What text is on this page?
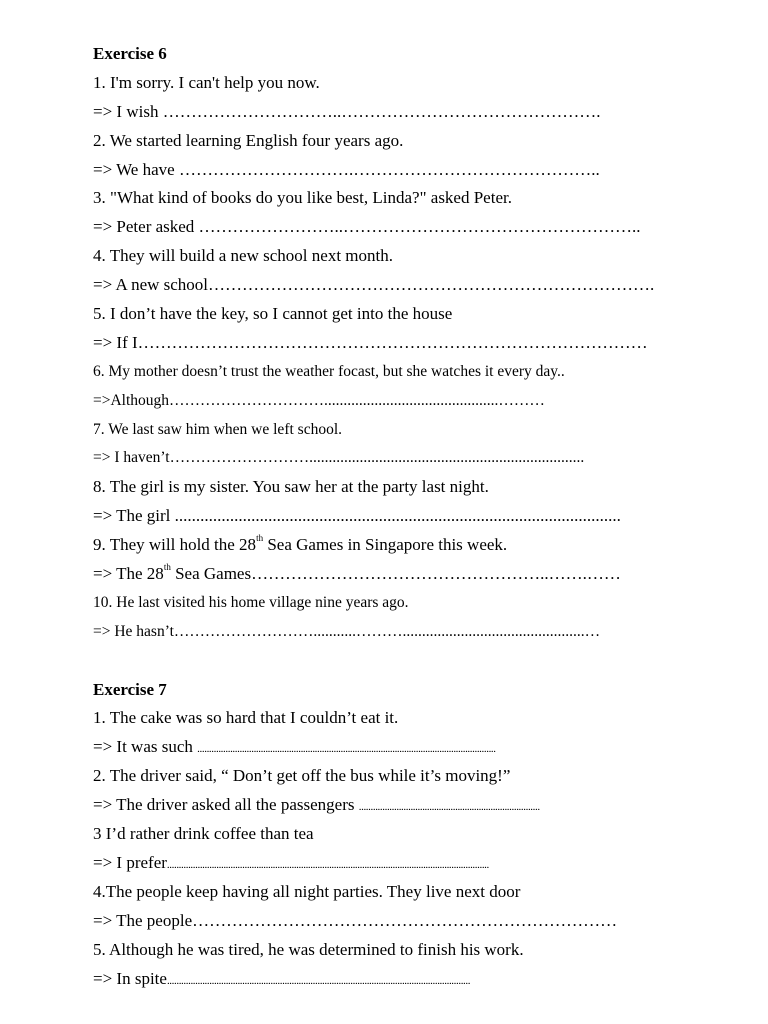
Exercise 6
1. I'm sorry. I can't help you now.
=> I wish …………………………..……………………………………….
2. We started learning English four years ago.
=> We have ………………………….……………………………………..
3. "What kind of books do you like best, Linda?" asked Peter.
=> Peter asked ……………………..……………………………………………..
4. They will build a new school next month.
=> A new school…………………………………………………………………….
5. I don’t have the key, so I cannot get into the house
=> If I………………………………………………………………………………
6. My mother doesn’t trust the weather focast, but she watches it every day..
=>Although………………………….............................................………
7. We last saw him when we left school.
=> I haven’t……………………….......................................................................
8. The girl is my sister. You saw her at the party last night.
=> The girl .........................................................................................................
9. They will hold the 28th Sea Games in Singapore this week.
=> The 28th Sea Games……………………………………………..…….……
10. He last visited his home village nine years ago.
=> He hasn’t………………………...........………...............................................…
Exercise 7
1. The cake was so hard that I couldn’t eat it.
=> It was such ...............................................................................................................................
2. The driver said, “ Don’t get off the bus while it’s moving!”
=> The driver asked all the passengers .............................................................................
3 I’d rather drink coffee than tea
=> I prefer.........................................................................................................................................
4.The people keep having all night parties. They live next door
=> The people…………………………………………………………………
5. Although he was tired, he was determined to finish his work.
=> In spite.................................................................................................................................
